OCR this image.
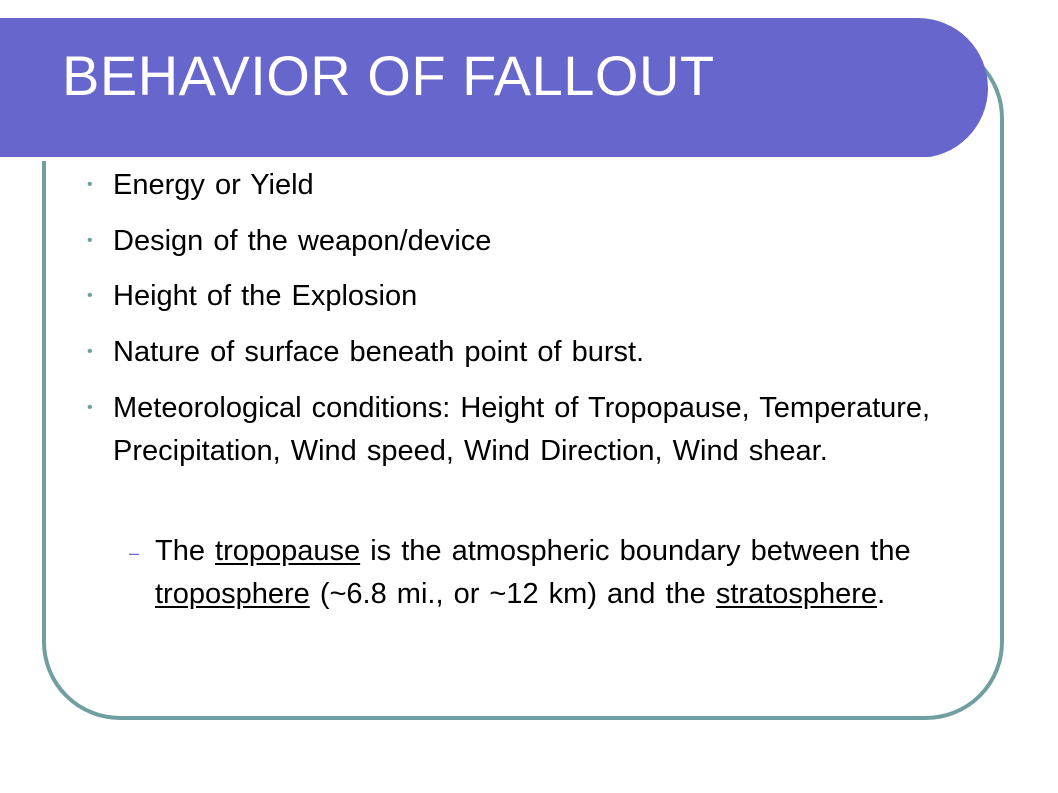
BEHAVIOR OF FALLOUT
• Energy or Yield
• Design of the weapon/device
• Height of the Explosion
• Nature of surface beneath point of burst.
• Meteorological conditions: Height of Tropopause, Temperature, Precipitation, Wind speed, Wind Direction, Wind shear.
– The tropopause is the atmospheric boundary between the troposphere (~6.8 mi., or ~12 km) and the stratosphere.
